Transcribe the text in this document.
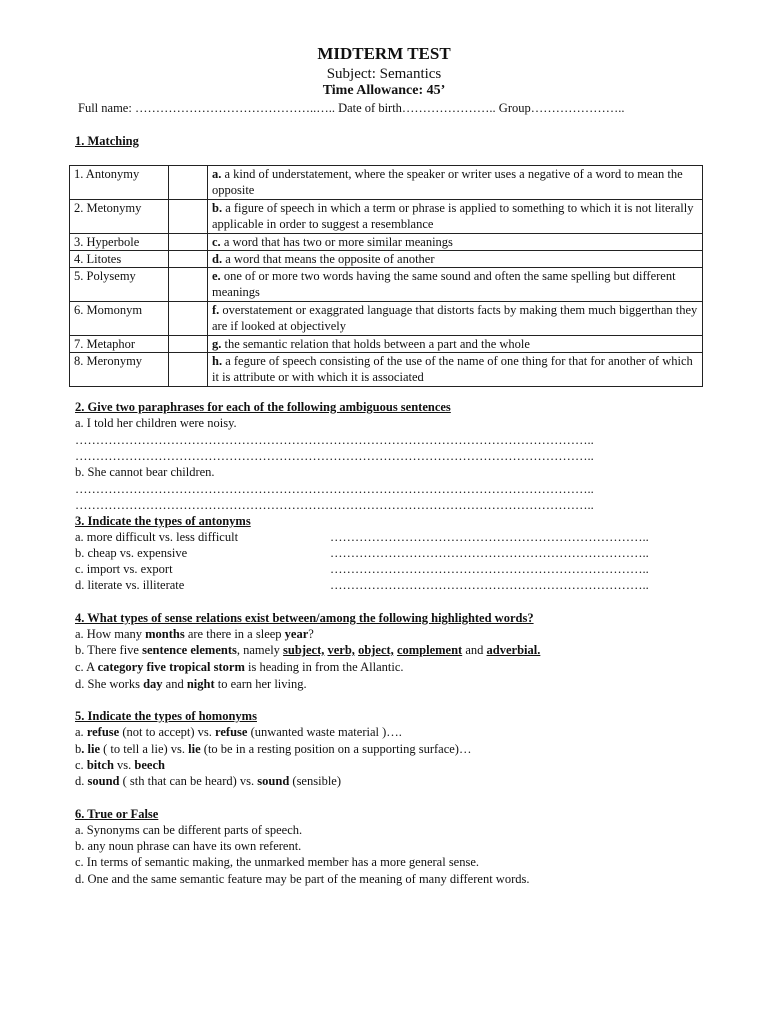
MIDTERM TEST
Subject: Semantics
Time Allowance: 45’
Full name: ……………………………………..….. Date of birth………………….. Group…………………..
1. Matching
1. Antonymy		a. a kind of understatement, where the speaker or writer uses a negative of a word to mean the opposite
2. Metonymy		b. a figure of speech in which a term or phrase is applied to something to which it is not literally applicable in order to suggest a resemblance
3. Hyperbole		c. a word that has two or more similar meanings
4. Litotes		d. a word that means the opposite of another
5. Polysemy		e. one of or more two words having the same sound and often the same spelling but different meanings
6. Momonym		f. overstatement or exaggrated language that distorts facts by making them much biggerthan they are if looked at objectively
7. Metaphor		g. the semantic relation that holds between a part and the whole
8. Meronymy		h. a fegure of speech consisting of the use of the name of one thing for that for another of which it is attribute or with which it is associated
2. Give two paraphrases for each of the following ambiguous sentences
a. I told her children were noisy.
……………………………………………………………………………………………………………..
……………………………………………………………………………………………………………..
b. She cannot bear children.
……………………………………………………………………………………………………………..
……………………………………………………………………………………………………………..
3. Indicate the types of antonyms
a. more difficult vs. less difficult	…………………………………………………………………..
b. cheap vs. expensive	…………………………………………………………………..
c. import vs. export	…………………………………………………………………..
d. literate vs. illiterate	…………………………………………………………………..
4. What types of sense relations exist between/among the following highlighted words?
a. How many months are there in a sleep year?
b. There five sentence elements, namely subject, verb, object, complement and adverbial.
c. A category five tropical storm is heading in from the Allantic.
d. She works day and night to earn her living.
5. Indicate the types of homonyms
a. refuse (not to accept) vs. refuse (unwanted waste material )….
b. lie ( to tell a lie) vs. lie (to be in a resting position on a supporting surface)…
c. bitch vs. beech
d. sound ( sth that can be heard) vs. sound (sensible)
6. True or False
a. Synonyms can be different parts of speech.
b. any noun phrase can have its own referent.
c. In terms of semantic making, the unmarked member has a more general sense.
d. One and the same semantic feature may be part of the meaning of many different words.
